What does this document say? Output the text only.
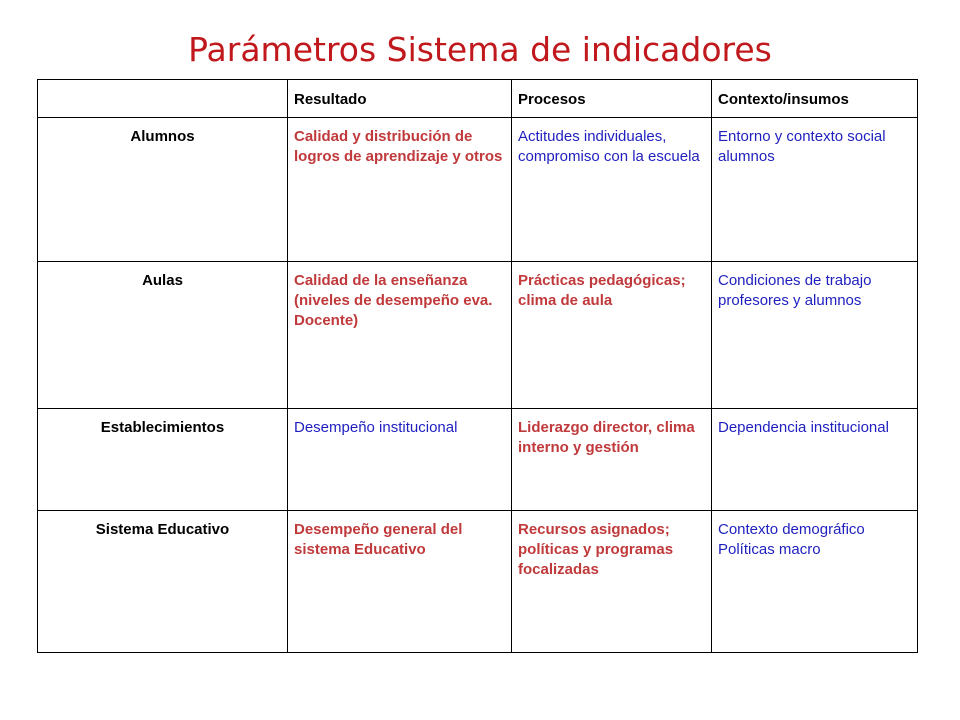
Parámetros Sistema de indicadores

	Resultado	Procesos	Contexto/insumos

Alumnos	Calidad y distribución de logros de aprendizaje y otros	Actitudes individuales, compromiso con la escuela	Entorno y contexto social alumnos

Aulas	Calidad de la enseñanza (niveles de desempeño eva. Docente)	Prácticas pedagógicas; clima de aula	Condiciones de trabajo profesores y alumnos

Establecimientos	Desempeño institucional	Liderazgo director, clima interno y gestión	Dependencia institucional

Sistema Educativo	Desempeño general del sistema Educativo	Recursos asignados; políticas y programas focalizadas	Contexto demográfico
Políticas macro
